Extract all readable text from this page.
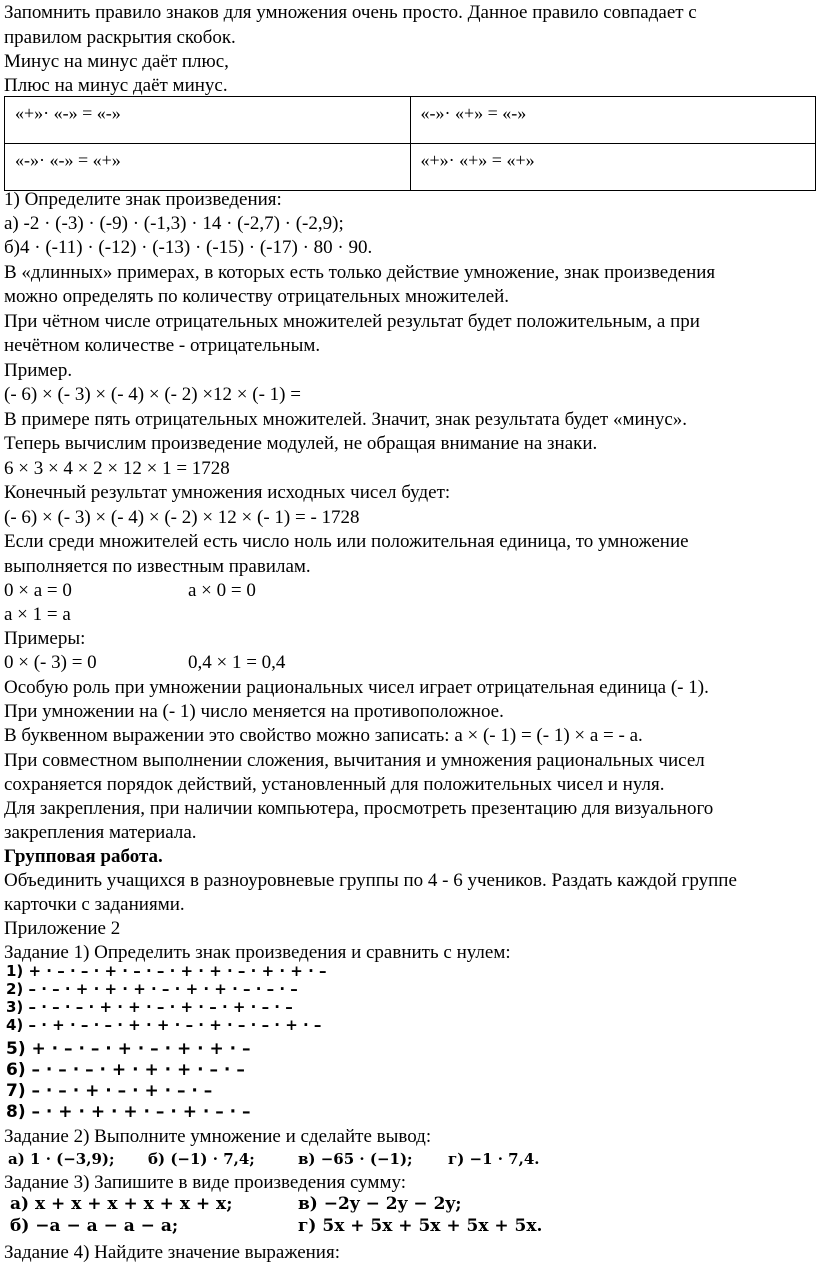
Запомнить правило знаков для умножения очень просто. Данное правило совпадает с
правилом раскрытия скобок.
Минус на минус даёт плюс,
Плюс на минус даёт минус.
«+»· «-» = «-»	«-»· «+» = «-»
«-»· «-» = «+»	«+»· «+» = «+»
1) Определите знак произведения:
а) -2 · (-3) · (-9) · (-1,3) · 14 · (-2,7) · (-2,9);
б)4 · (-11) · (-12) · (-13) · (-15) · (-17) · 80 · 90.
В «длинных» примерах, в которых есть только действие умножение, знак произведения
можно определять по количеству отрицательных множителей.
При чётном числе отрицательных множителей результат будет положительным, а при
нечётном количестве - отрицательным.
Пример.
(- 6) × (- 3) × (- 4) × (- 2) ×12 × (- 1) =
В примере пять отрицательных множителей. Значит, знак результата будет «минус».
Теперь вычислим произведение модулей, не обращая внимание на знаки.
6 × 3 × 4 × 2 × 12 × 1 = 1728
Конечный результат умножения исходных чисел будет:
(- 6) × (- 3) × (- 4) × (- 2) × 12 × (- 1) = - 1728
Если среди множителей есть число ноль или положительная единица, то умножение
выполняется по известным правилам.
0 × a = 0	a × 0 = 0
a × 1 = a
Примеры:
0 × (- 3) = 0	0,4 × 1 = 0,4
Особую роль при умножении рациональных чисел играет отрицательная единица (- 1).
При умножении на (- 1) число меняется на противоположное.
В буквенном выражении это свойство можно записать: a × (- 1) = (- 1) × a = - a.
При совместном выполнении сложения, вычитания и умножения рациональных чисел
сохраняется порядок действий, установленный для положительных чисел и нуля.
Для закрепления, при наличии компьютера, просмотреть презентацию для визуального
закрепления материала.
Групповая работа.
Объединить учащихся в разноуровневые группы по 4 - 6 учеников. Раздать каждой группе
карточки с заданиями.
Приложение 2
Задание 1) Определить знак произведения и сравнить с нулем:
1) + · – · – · + · – · – · + · + · – · + · + · –
2) – · – · + · + · + · – · + · + · – · – · –
3) – · – · – · + · + · – · + · – · + · – · –
4) – · + · – · – · + · + · – · + · – · – · + · –
5) + · – · – · + · – · + · + · –
6) – · – · – · + · + · + · – · –
7) – · – · + · – · + · – · –
8) – · + · + · + · – · + · – · –
Задание 2) Выполните умножение и сделайте вывод:
а) 1 · (−3,9); б) (−1) · 7,4;	в) −65 · (−1); г) −1 · 7,4.
Задание 3) Запишите в виде произведения сумму:
а) x + x + x + x + x + x;	в) −2y − 2y − 2y;
б) −a − a − a − a;	г) 5x + 5x + 5x + 5x + 5x.
Задание 4) Найдите значение выражения:
